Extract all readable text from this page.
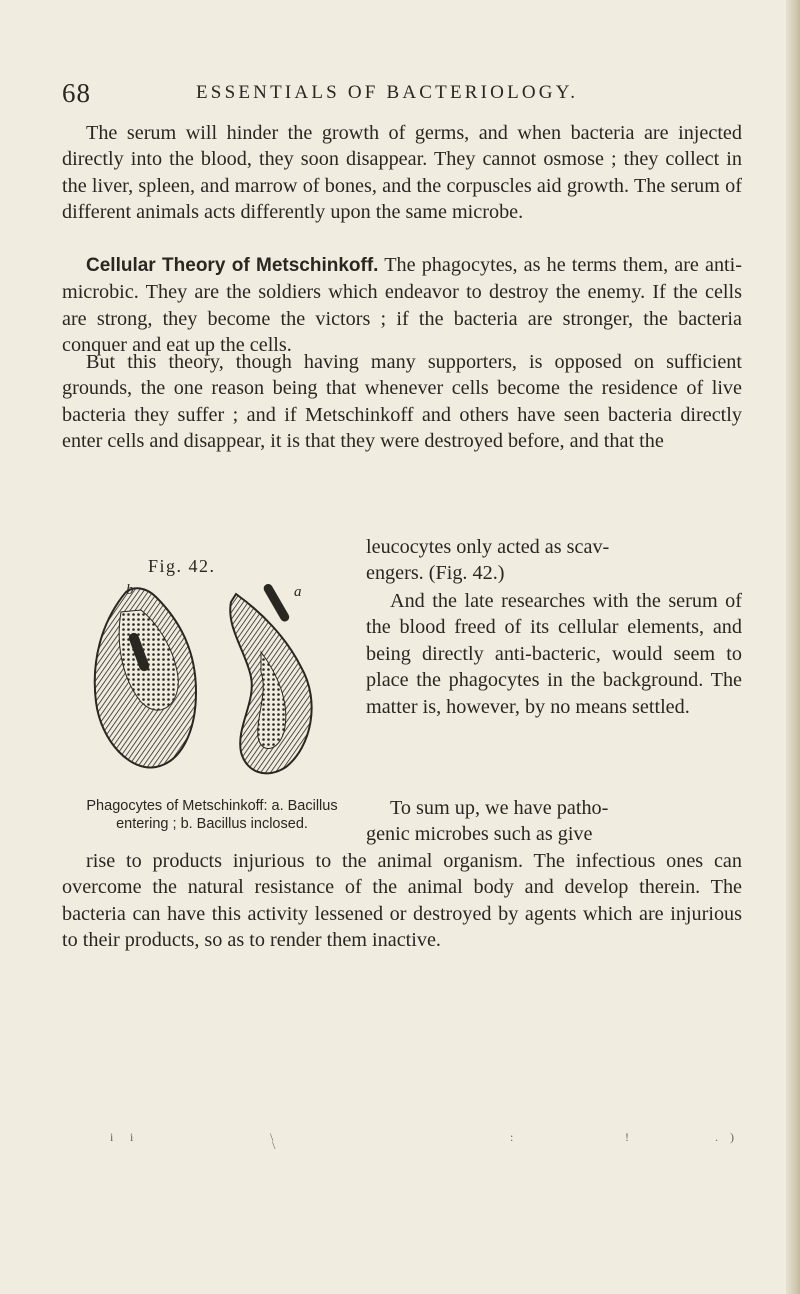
68	ESSENTIALS OF BACTERIOLOGY.

The serum will hinder the growth of germs, and when bacteria are injected directly into the blood, they soon disappear. They cannot osmose ; they collect in the liver, spleen, and marrow of bones, and the corpuscles aid growth. The serum of different animals acts differently upon the same microbe.

Cellular Theory of Metschinkoff. The phagocytes, as he terms them, are anti-microbic. They are the soldiers which endeavor to destroy the enemy. If the cells are strong, they become the victors ; if the bacteria are stronger, the bacteria conquer and eat up the cells.

But this theory, though having many supporters, is opposed on sufficient grounds, the one reason being that whenever cells become the residence of live bacteria they suffer ; and if Metschinkoff and others have seen bacteria directly enter cells and disappear, it is that they were destroyed before, and that the

leucocytes only acted as scav-

engers. (Fig. 42.)

And the late researches with the serum of the blood freed of its cellular elements, and being directly anti-bacteric, would seem to place the phagocytes in the background. The matter is, however, by no means settled.

To sum up, we have patho-

genic microbes such as give

rise to products injurious to the animal organism. The infectious ones can overcome the natural resistance of the animal body and develop therein. The bacteria can have this activity lessened or destroyed by agents which are injurious to their products, so as to render them inactive.

Fig. 42.
b	a
Phagocytes of Metschinkoff: a. Bacillus
entering ; b. Bacillus inclosed.
i i	\
\
:	!	. )
